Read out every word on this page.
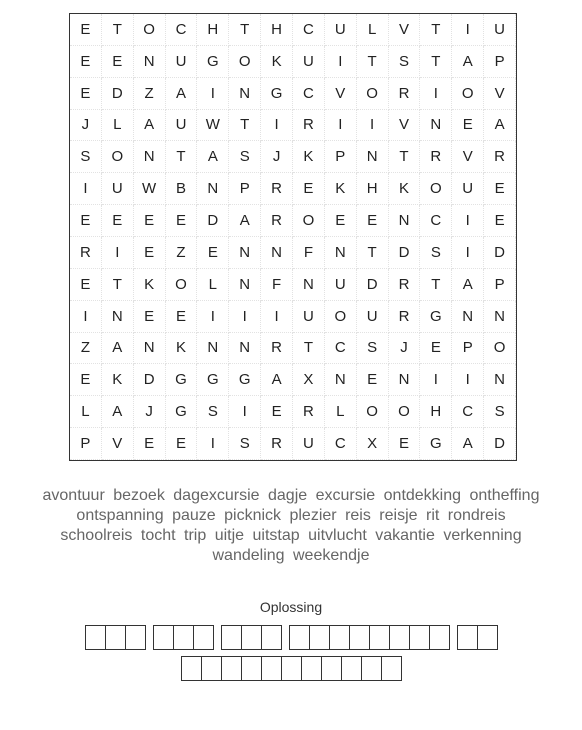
E	T	O	C	H	T	H	C	U	L	V	T	I	U
E	E	N	U	G	O	K	U	I	T	S	T	A	P
E	D	Z	A	I	N	G	C	V	O	R	I	O	V
J	L	A	U	W	T	I	R	I	I	V	N	E	A
S	O	N	T	A	S	J	K	P	N	T	R	V	R
I	U	W	B	N	P	R	E	K	H	K	O	U	E
E	E	E	E	D	A	R	O	E	E	N	C	I	E
R	I	E	Z	E	N	N	F	N	T	D	S	I	D
E	T	K	O	L	N	F	N	U	D	R	T	A	P
I	N	E	E	I	I	I	U	O	U	R	G	N	N
Z	A	N	K	N	N	R	T	C	S	J	E	P	O
E	K	D	G	G	G	A	X	N	E	N	I	I	N
L	A	J	G	S	I	E	R	L	O	O	H	C	S
P	V	E	E	I	S	R	U	C	X	E	G	A	D
avontuur bezoek dagexcursie dagje excursie ontdekking ontheffing ontspanning pauze picknick plezier reis reisje rit rondreis schoolreis tocht trip uitje uitstap uitvlucht vakantie verkenning wandeling weekendje
Oplossing
